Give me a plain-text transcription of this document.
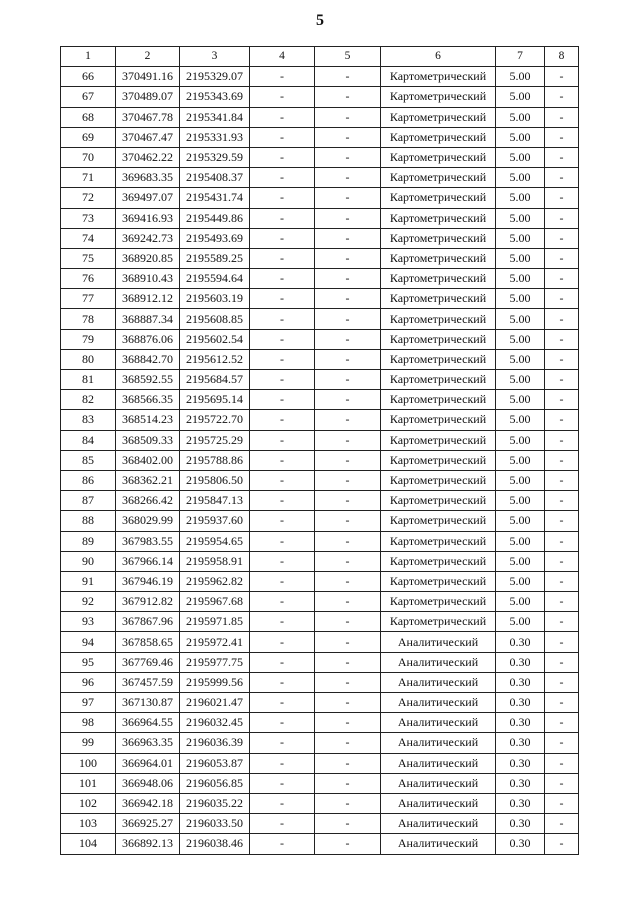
5
1	2	3	4	5	6	7	8
66	370491.16	2195329.07	-	-	Картометрический	5.00	-
67	370489.07	2195343.69	-	-	Картометрический	5.00	-
68	370467.78	2195341.84	-	-	Картометрический	5.00	-
69	370467.47	2195331.93	-	-	Картометрический	5.00	-
70	370462.22	2195329.59	-	-	Картометрический	5.00	-
71	369683.35	2195408.37	-	-	Картометрический	5.00	-
72	369497.07	2195431.74	-	-	Картометрический	5.00	-
73	369416.93	2195449.86	-	-	Картометрический	5.00	-
74	369242.73	2195493.69	-	-	Картометрический	5.00	-
75	368920.85	2195589.25	-	-	Картометрический	5.00	-
76	368910.43	2195594.64	-	-	Картометрический	5.00	-
77	368912.12	2195603.19	-	-	Картометрический	5.00	-
78	368887.34	2195608.85	-	-	Картометрический	5.00	-
79	368876.06	2195602.54	-	-	Картометрический	5.00	-
80	368842.70	2195612.52	-	-	Картометрический	5.00	-
81	368592.55	2195684.57	-	-	Картометрический	5.00	-
82	368566.35	2195695.14	-	-	Картометрический	5.00	-
83	368514.23	2195722.70	-	-	Картометрический	5.00	-
84	368509.33	2195725.29	-	-	Картометрический	5.00	-
85	368402.00	2195788.86	-	-	Картометрический	5.00	-
86	368362.21	2195806.50	-	-	Картометрический	5.00	-
87	368266.42	2195847.13	-	-	Картометрический	5.00	-
88	368029.99	2195937.60	-	-	Картометрический	5.00	-
89	367983.55	2195954.65	-	-	Картометрический	5.00	-
90	367966.14	2195958.91	-	-	Картометрический	5.00	-
91	367946.19	2195962.82	-	-	Картометрический	5.00	-
92	367912.82	2195967.68	-	-	Картометрический	5.00	-
93	367867.96	2195971.85	-	-	Картометрический	5.00	-
94	367858.65	2195972.41	-	-	Аналитический	0.30	-
95	367769.46	2195977.75	-	-	Аналитический	0.30	-
96	367457.59	2195999.56	-	-	Аналитический	0.30	-
97	367130.87	2196021.47	-	-	Аналитический	0.30	-
98	366964.55	2196032.45	-	-	Аналитический	0.30	-
99	366963.35	2196036.39	-	-	Аналитический	0.30	-
100	366964.01	2196053.87	-	-	Аналитический	0.30	-
101	366948.06	2196056.85	-	-	Аналитический	0.30	-
102	366942.18	2196035.22	-	-	Аналитический	0.30	-
103	366925.27	2196033.50	-	-	Аналитический	0.30	-
104	366892.13	2196038.46	-	-	Аналитический	0.30	-
